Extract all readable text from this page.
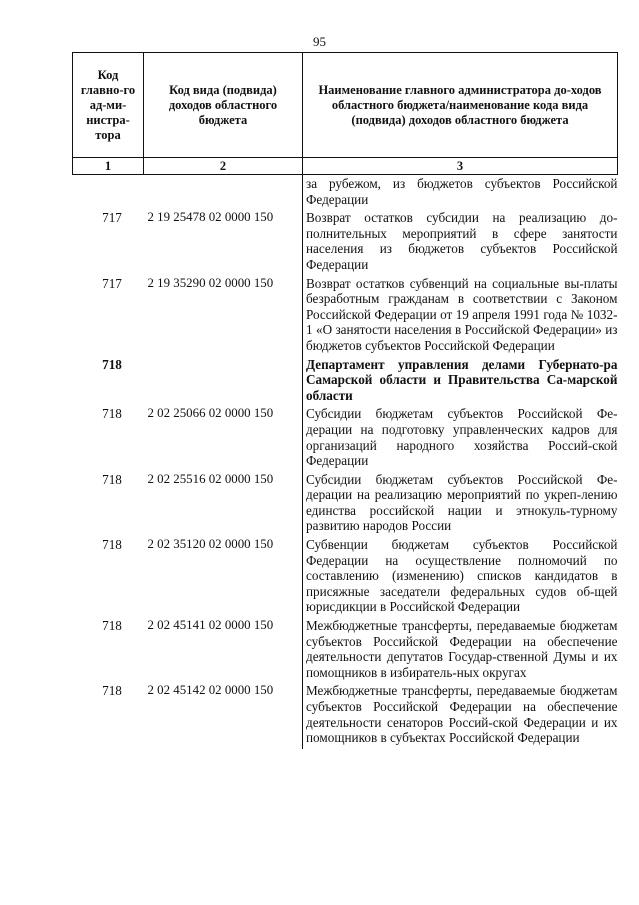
95
Код главно-го ад-ми-нистра-тора	Код вида (подвида) доходов областного бюджета	Наименование главного администратора до-ходов областного бюджета/наименование кода вида (подвида) доходов областного бюджета
1	2	3
		за рубежом, из бюджетов субъектов Российской Федерации
717	2 19 25478 02 0000 150	Возврат остатков субсидии на реализацию до-полнительных мероприятий в сфере занятости населения из бюджетов субъектов Российской Федерации
717	2 19 35290 02 0000 150	Возврат остатков субвенций на социальные вы-платы безработным гражданам в соответствии с Законом Российской Федерации от 19 апреля 1991 года № 1032-1 «О занятости населения в Российской Федерации» из бюджетов субъектов Российской Федерации
718		Департамент управления делами Губернато-ра Самарской области и Правительства Са-марской области
718	2 02 25066 02 0000 150	Субсидии бюджетам субъектов Российской Фе-дерации на подготовку управленческих кадров для организаций народного хозяйства Россий-ской Федерации
718	2 02 25516 02 0000 150	Субсидии бюджетам субъектов Российской Фе-дерации на реализацию мероприятий по укреп-лению единства российской нации и этнокуль-турному развитию народов России
718	2 02 35120 02 0000 150	Субвенции бюджетам субъектов Российской Федерации на осуществление полномочий по составлению (изменению) списков кандидатов в присяжные заседатели федеральных судов об-щей юрисдикции в Российской Федерации
718	2 02 45141 02 0000 150	Межбюджетные трансферты, передаваемые бюджетам субъектов Российской Федерации на обеспечение деятельности депутатов Государ-ственной Думы и их помощников в избиратель-ных округах
718	2 02 45142 02 0000 150	Межбюджетные трансферты, передаваемые бюджетам субъектов Российской Федерации на обеспечение деятельности сенаторов Россий-ской Федерации и их помощников в субъектах Российской Федерации
